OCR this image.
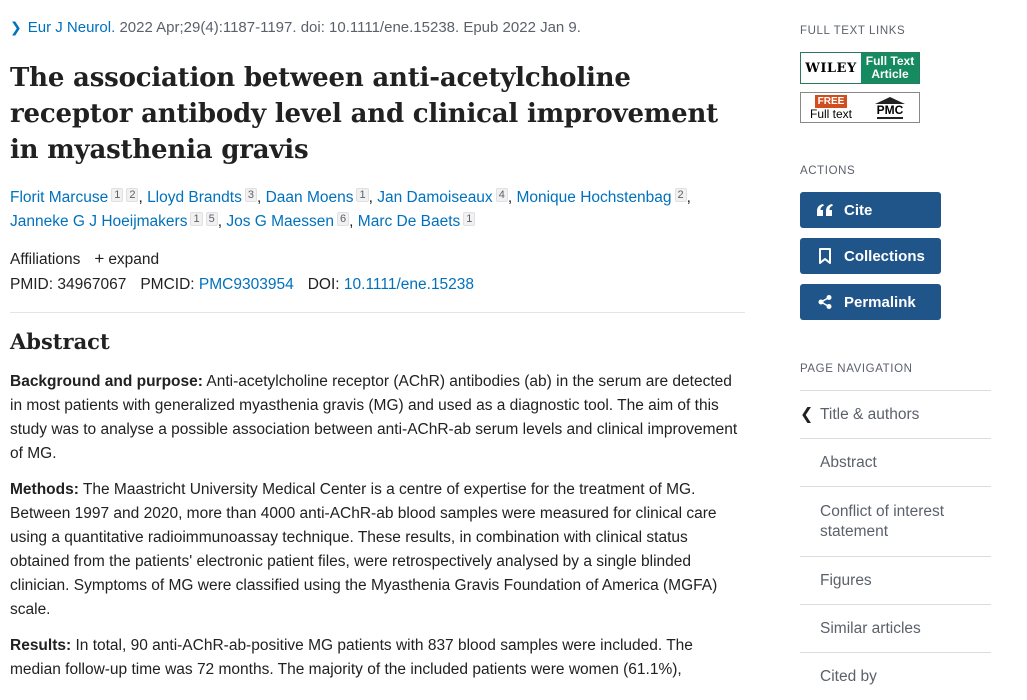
❯ Eur J Neurol. 2022 Apr;29(4):1187-1197. doi: 10.1111/ene.15238. Epub 2022 Jan 9.
The association between anti-acetylcholine receptor antibody level and clinical improvement in myasthenia gravis
Florit Marcuse 1 2 , Lloyd Brandts 3 , Daan Moens 1 , Jan Damoiseaux 4 , Monique Hochstenbag 2 ,
Janneke G J Hoeijmakers 1 5 , Jos G Maessen 6 , Marc De Baets 1
Affiliations + expand
PMID: 34967067 PMCID: PMC9303954 DOI: 10.1111/ene.15238
Abstract

Background and purpose: Anti-acetylcholine receptor (AChR) antibodies (ab) in the serum are detected in most patients with generalized myasthenia gravis (MG) and used as a diagnostic tool. The aim of this study was to analyse a possible association between anti-AChR-ab serum levels and clinical improvement of MG.

Methods: The Maastricht University Medical Center is a centre of expertise for the treatment of MG. Between 1997 and 2020, more than 4000 anti-AChR-ab blood samples were measured for clinical care using a quantitative radioimmunoassay technique. These results, in combination with clinical status obtained from the patients' electronic patient files, were retrospectively analysed by a single blinded clinician. Symptoms of MG were classified using the Myasthenia Gravis Foundation of America (MGFA) scale.

Results: In total, 90 anti-AChR-ab-positive MG patients with 837 blood samples were included. The median follow-up time was 72 months. The majority of the included patients were women (61.1%),

FULL TEXT LINKS
WILEY Full Text
Article
FREE
Full text PMC
ACTIONS
Cite
Collections
Permalink
PAGE NAVIGATION
❮ Title & authors
Abstract
Conflict of interest statement
Figures
Similar articles
Cited by
